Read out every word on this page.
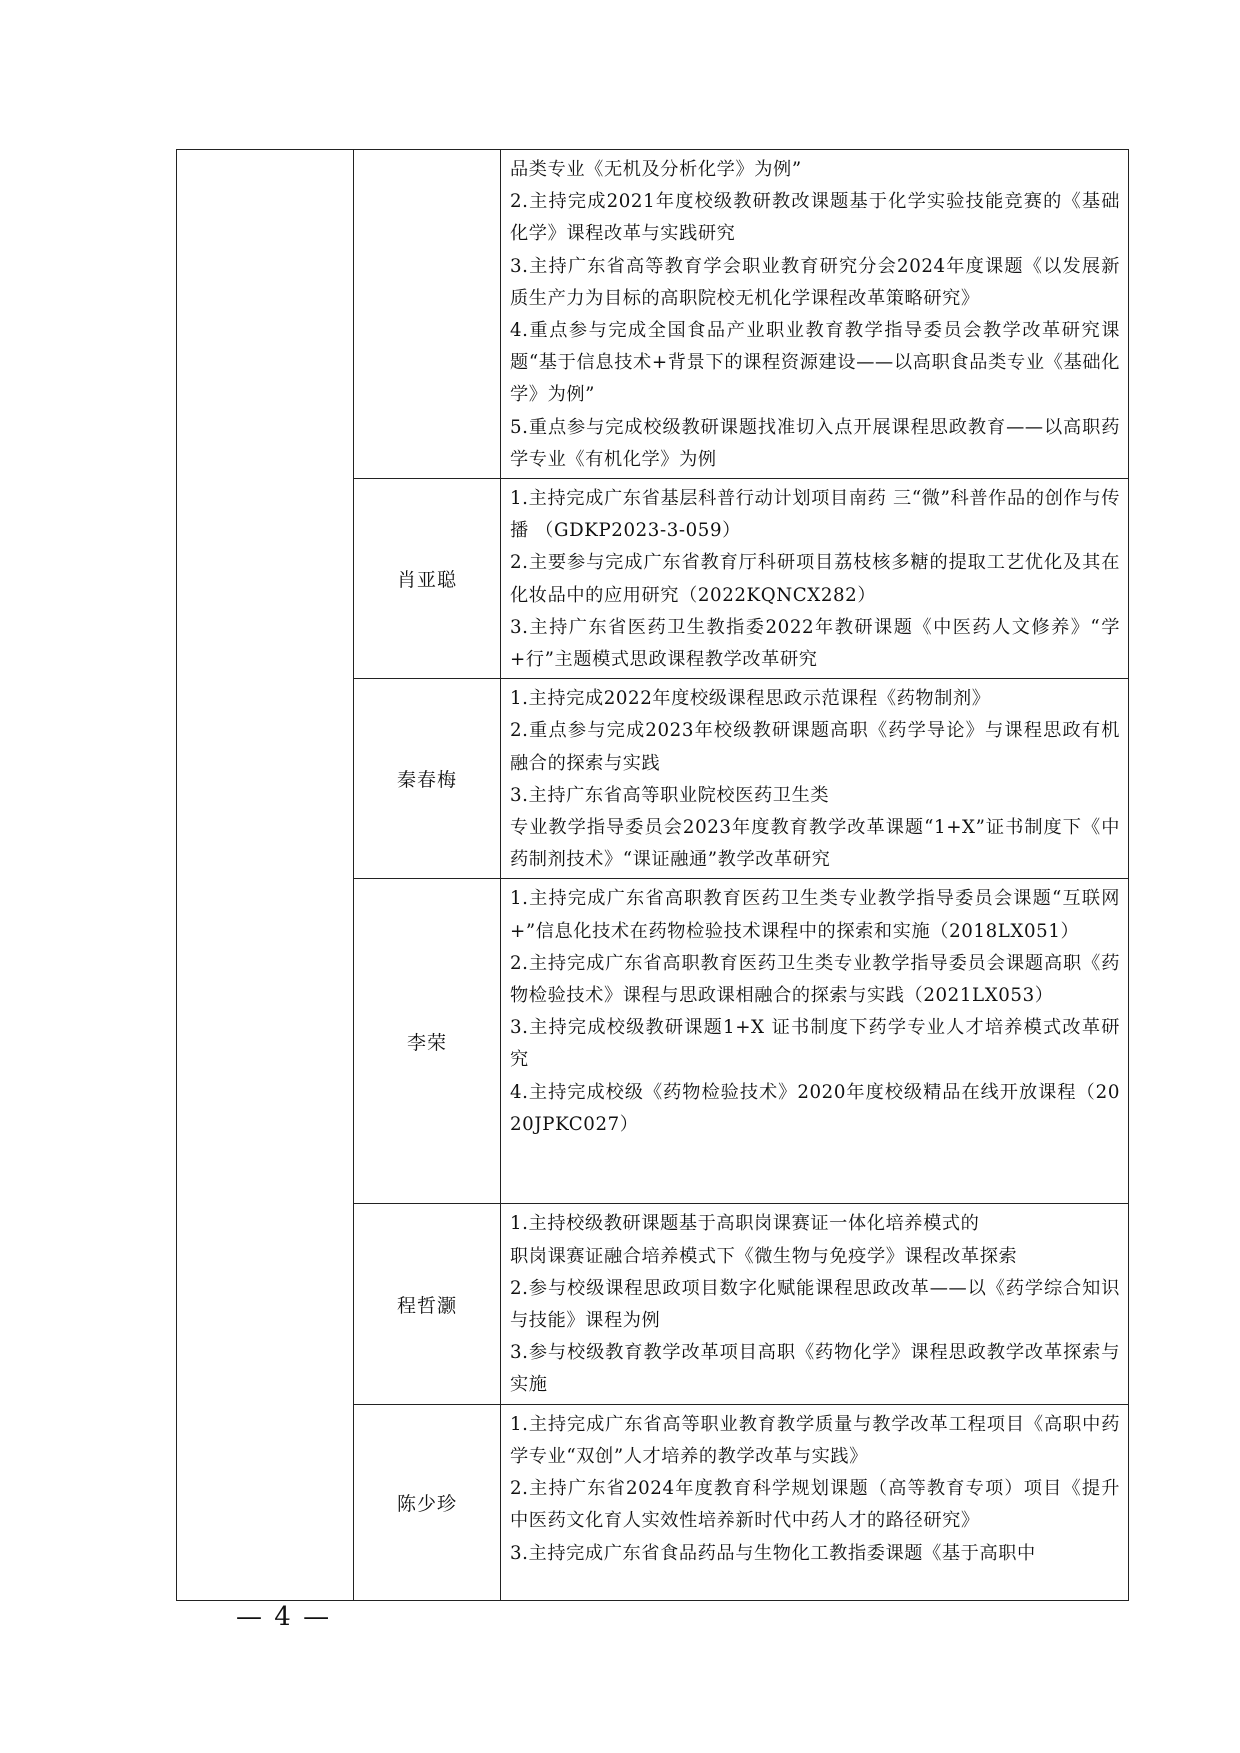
		品类专业《无机及分析化学》为例”
2.主持完成2021年度校级教研教改课题基于化学实验技能竞赛的《基础化学》课程改革与实践研究
3.主持广东省高等教育学会职业教育研究分会2024年度课题《以发展新质生产力为目标的高职院校无机化学课程改革策略研究》
4.重点参与完成全国食品产业职业教育教学指导委员会教学改革研究课题“基于信息技术+背景下的课程资源建设——以高职食品类专业《基础化学》为例”
5.重点参与完成校级教研课题找准切入点开展课程思政教育——以高职药学专业《有机化学》为例

	肖亚聪	1.主持完成广东省基层科普行动计划项目南药 三“微”科普作品的创作与传播 （GDKP2023-3-059）
2.主要参与完成广东省教育厅科研项目荔枝核多糖的提取工艺优化及其在化妆品中的应用研究（2022KQNCX282）
3.主持广东省医药卫生教指委2022年教研课题《中医药人文修养》“学+行”主题模式思政课程教学改革研究

	秦春梅	1.主持完成2022年度校级课程思政示范课程《药物制剂》
2.重点参与完成2023年校级教研课题高职《药学导论》与课程思政有机融合的探索与实践
3.主持广东省高等职业院校医药卫生类
专业教学指导委员会2023年度教育教学改革课题“1+X”证书制度下《中药制剂技术》“课证融通”教学改革研究

	李荣	1.主持完成广东省高职教育医药卫生类专业教学指导委员会课题“互联网+”信息化技术在药物检验技术课程中的探索和实施（2018LX051）
2.主持完成广东省高职教育医药卫生类专业教学指导委员会课题高职《药物检验技术》课程与思政课相融合的探索与实践（2021LX053）
3.主持完成校级教研课题1+X 证书制度下药学专业人才培养模式改革研究
4.主持完成校级《药物检验技术》2020年度校级精品在线开放课程（2020JPKC027）

	程哲灏	1.主持校级教研课题基于高职岗课赛证一体化培养模式的
职岗课赛证融合培养模式下《微生物与免疫学》课程改革探索
2.参与校级课程思政项目数字化赋能课程思政改革——以《药学综合知识与技能》课程为例
3.参与校级教育教学改革项目高职《药物化学》课程思政教学改革探索与实施

	陈少珍	1.主持完成广东省高等职业教育教学质量与教学改革工程项目《高职中药学专业“双创”人才培养的教学改革与实践》
2.主持广东省2024年度教育科学规划课题（高等教育专项）项目《提升中医药文化育人实效性培养新时代中药人才的路径研究》
3.主持完成广东省食品药品与生物化工教指委课题《基于高职中
— 4 —
